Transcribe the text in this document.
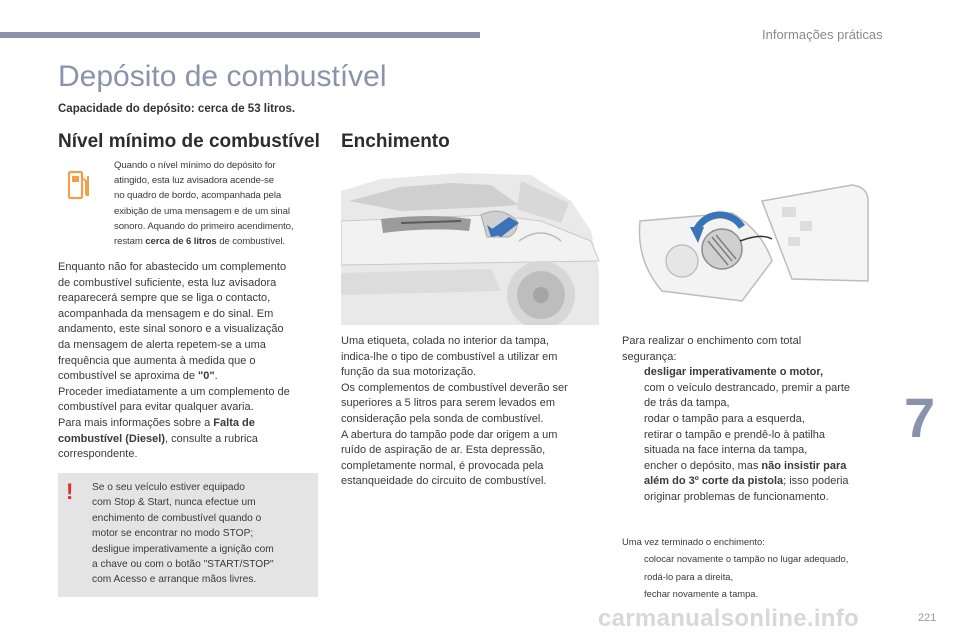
Informações práticas
Depósito de combustível
Capacidade do depósito: cerca de 53 litros.
Nível mínimo de combustível
Quando o nível mínimo do depósito for
atingido, esta luz avisadora acende-se
no quadro de bordo, acompanhada pela
exibição de uma mensagem e de um sinal
sonoro. Aquando do primeiro acendimento,
restam cerca de 6 litros de combustível.
Enquanto não for abastecido um complemento
de combustível suficiente, esta luz avisadora
reaparecerá sempre que se liga o contacto,
acompanhada da mensagem e do sinal. Em
andamento, este sinal sonoro e a visualização
da mensagem de alerta repetem-se a uma
frequência que aumenta à medida que o
combustível se aproxima de "0".
Proceder imediatamente a um complemento de
combustível para evitar qualquer avaria.
Para mais informações sobre a Falta de
combustível (Diesel), consulte a rubrica
correspondente.
! Se o seu veículo estiver equipado
com Stop & Start, nunca efectue um
enchimento de combustível quando o
motor se encontrar no modo STOP;
desligue imperativamente a ignição com
a chave ou com o botão "START/STOP"
com Acesso e arranque mãos livres.
Enchimento
Uma etiqueta, colada no interior da tampa,
indica-lhe o tipo de combustível a utilizar em
função da sua motorização.
Os complementos de combustível deverão ser
superiores a 5 litros para serem levados em
consideração pela sonda de combustível.
A abertura do tampão pode dar origem a um
ruído de aspiração de ar. Esta depressão,
completamente normal, é provocada pela
estanqueidade do circuito de combustível.
Para realizar o enchimento com total
segurança:
desligar imperativamente o motor,
com o veículo destrancado, premir a parte
de trás da tampa,
rodar o tampão para a esquerda,
retirar o tampão e prendê-lo à patilha
situada na face interna da tampa,
encher o depósito, mas não insistir para
além do 3º corte da pistola; isso poderia
originar problemas de funcionamento.
Uma vez terminado o enchimento:
colocar novamente o tampão no lugar adequado,
rodá-lo para a direita,
fechar novamente a tampa.
7
carmanualsonline.info	221
